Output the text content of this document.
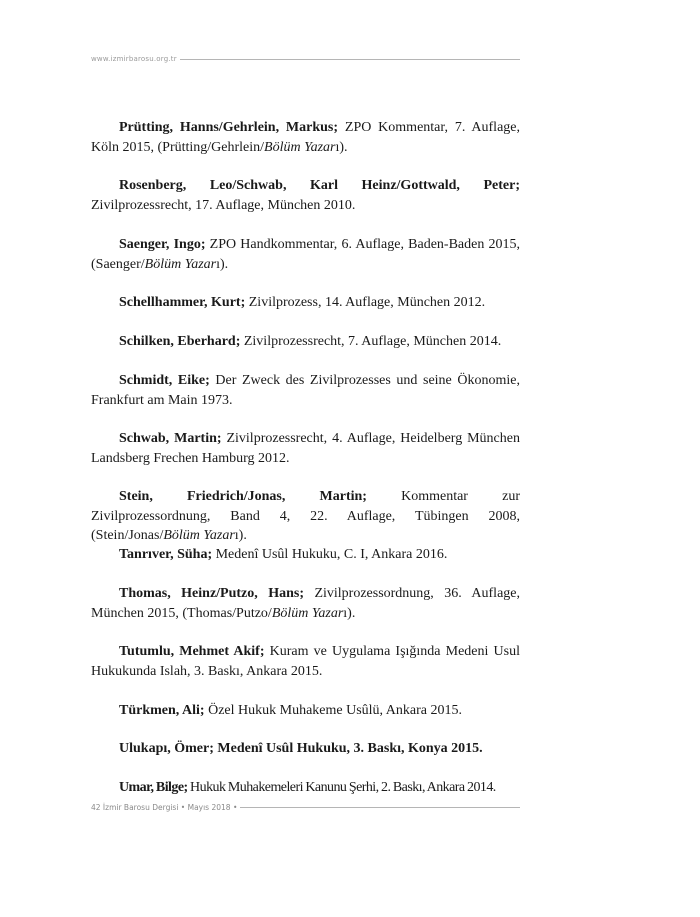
www.izmirbarosu.org.tr

Prütting, Hanns/Gehrlein, Markus; ZPO Kommentar, 7. Auflage, Köln 2015, (Prütting/Gehrlein/Bölüm Yazarı).

Rosenberg, Leo/Schwab, Karl Heinz/Gottwald, Peter; Zivilprozessrecht, 17. Auflage, München 2010.

Saenger, Ingo; ZPO Handkommentar, 6. Auflage, Baden-Baden 2015, (Saenger/Bölüm Yazarı).

Schellhammer, Kurt; Zivilprozess, 14. Auflage, München 2012.

Schilken, Eberhard; Zivilprozessrecht, 7. Auflage, München 2014.

Schmidt, Eike; Der Zweck des Zivilprozesses und seine Ökonomie, Frankfurt am Main 1973.

Schwab, Martin; Zivilprozessrecht, 4. Auflage, Heidelberg München Landsberg Frechen Hamburg 2012.

Stein, Friedrich/Jonas, Martin; Kommentar zur Zivilprozessordnung, Band 4, 22. Auflage, Tübingen 2008, (Stein/Jonas/Bölüm Yazarı).

Tanrıver, Süha; Medenî Usûl Hukuku, C. I, Ankara 2016.

Thomas, Heinz/Putzo, Hans; Zivilprozessordnung, 36. Auflage, München 2015, (Thomas/Putzo/Bölüm Yazarı).

Tutumlu, Mehmet Akif; Kuram ve Uygulama Işığında Medeni Usul Hukukunda Islah, 3. Baskı, Ankara 2015.

Türkmen, Ali; Özel Hukuk Muhakeme Usûlü, Ankara 2015.

Ulukapı, Ömer; Medenî Usûl Hukuku, 3. Baskı, Konya 2015.

Umar, Bilge; Hukuk Muhakemeleri Kanunu Şerhi, 2. Baskı, Ankara 2014.

42 İzmir Barosu Dergisi • Mayıs 2018 •
